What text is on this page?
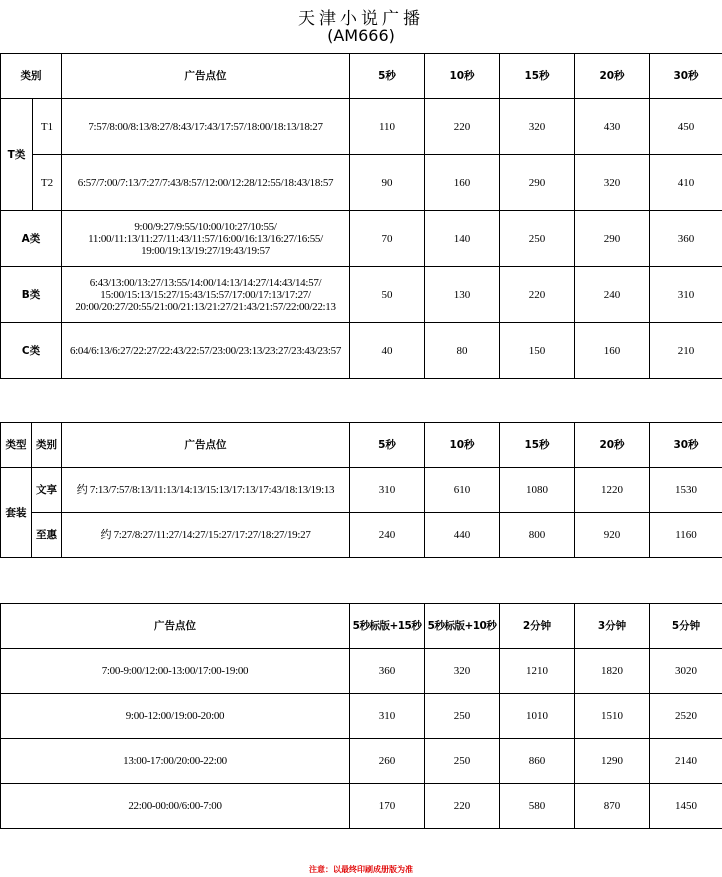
天津小说广播
(AM666)
类别		广告点位	5秒	10秒	15秒	20秒	30秒
T类	T1	7:57/8:00/8:13/8:27/8:43/17:43/17:57/18:00/18:13/18:27	110	220	320	430	450
	T2	6:57/7:00/7:13/7:27/7:43/8:57/12:00/12:28/12:55/18:43/18:57	90	160	290	320	410
A类		9:00/9:27/9:55/10:00/10:27/10:55/ 11:00/11:13/11:27/11:43/11:57/16:00/16:13/16:27/16:55/ 19:00/19:13/19:27/19:43/19:57	70	140	250	290	360
B类		6:43/13:00/13:27/13:55/14:00/14:13/14:27/14:43/14:57/ 15:00/15:13/15:27/15:43/15:57/17:00/17:13/17:27/ 20:00/20:27/20:55/21:00/21:13/21:27/21:43/21:57/22:00/22:13	50	130	220	240	310
C类		6:04/6:13/6:27/22:27/22:43/22:57/23:00/23:13/23:27/23:43/23:57	40	80	150	160	210
类型	类别	广告点位	5秒	10秒	15秒	20秒	30秒
套装	文享	约 7:13/7:57/8:13/11:13/14:13/15:13/17:13/17:43/18:13/19:13	310	610	1080	1220	1530
	至惠	约 7:27/8:27/11:27/14:27/15:27/17:27/18:27/19:27	240	440	800	920	1160
广告点位	5秒标版+15秒	5秒标版+10秒	2分钟	3分钟	5分钟
7:00-9:00/12:00-13:00/17:00-19:00	360	320	1210	1820	3020
9:00-12:00/19:00-20:00	310	250	1010	1510	2520
13:00-17:00/20:00-22:00	260	250	860	1290	2140
22:00-00:00/6:00-7:00	170	220	580	870	1450
注意：以最终印刷成册版为准
